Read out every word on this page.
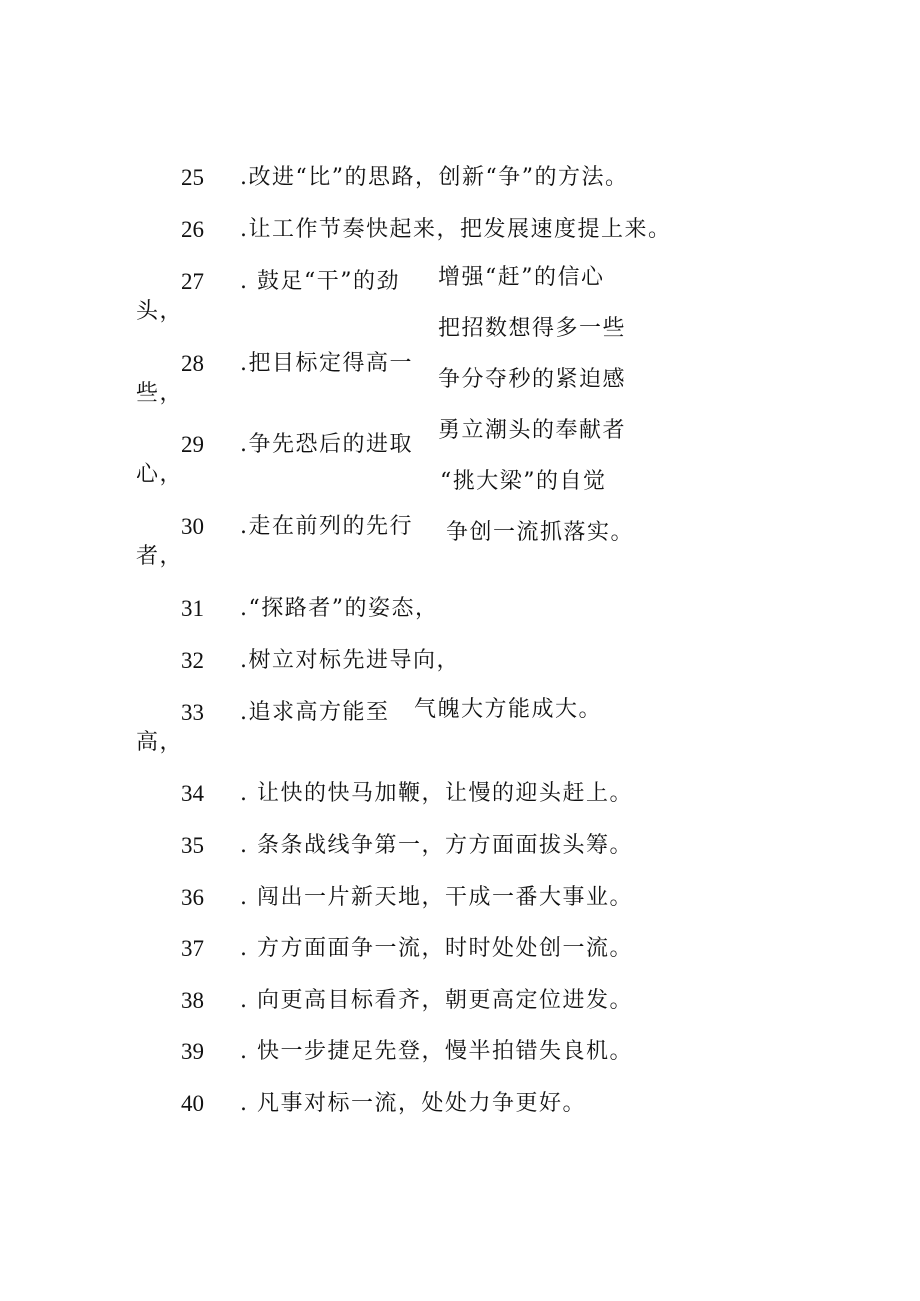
25 .改进“比”的思路，创新“争”的方法。
26 .让工作节奏快起来，把发展速度提上来。
27 . 鼓足“干”的劲
头，
28 .把目标定得高一
些，
29 .争先恐后的进取
心，
30 .走在前列的先行
者，
增强“赶”的信心
把招数想得多一些
争分夺秒的紧迫感
勇立潮头的奉献者
“挑大梁”的自觉
争创一流抓落实。
31 .“探路者”的姿态，
32 .树立对标先进导向，
33 .追求高方能至 气魄大方能成大。
高，
34 . 让快的快马加鞭，让慢的迎头赶上。
35 . 条条战线争第一，方方面面拔头筹。
36 . 闯出一片新天地，干成一番大事业。
37 . 方方面面争一流，时时处处创一流。
38 . 向更高目标看齐，朝更高定位进发。
39 . 快一步捷足先登，慢半拍错失良机。
40 . 凡事对标一流，处处力争更好。
